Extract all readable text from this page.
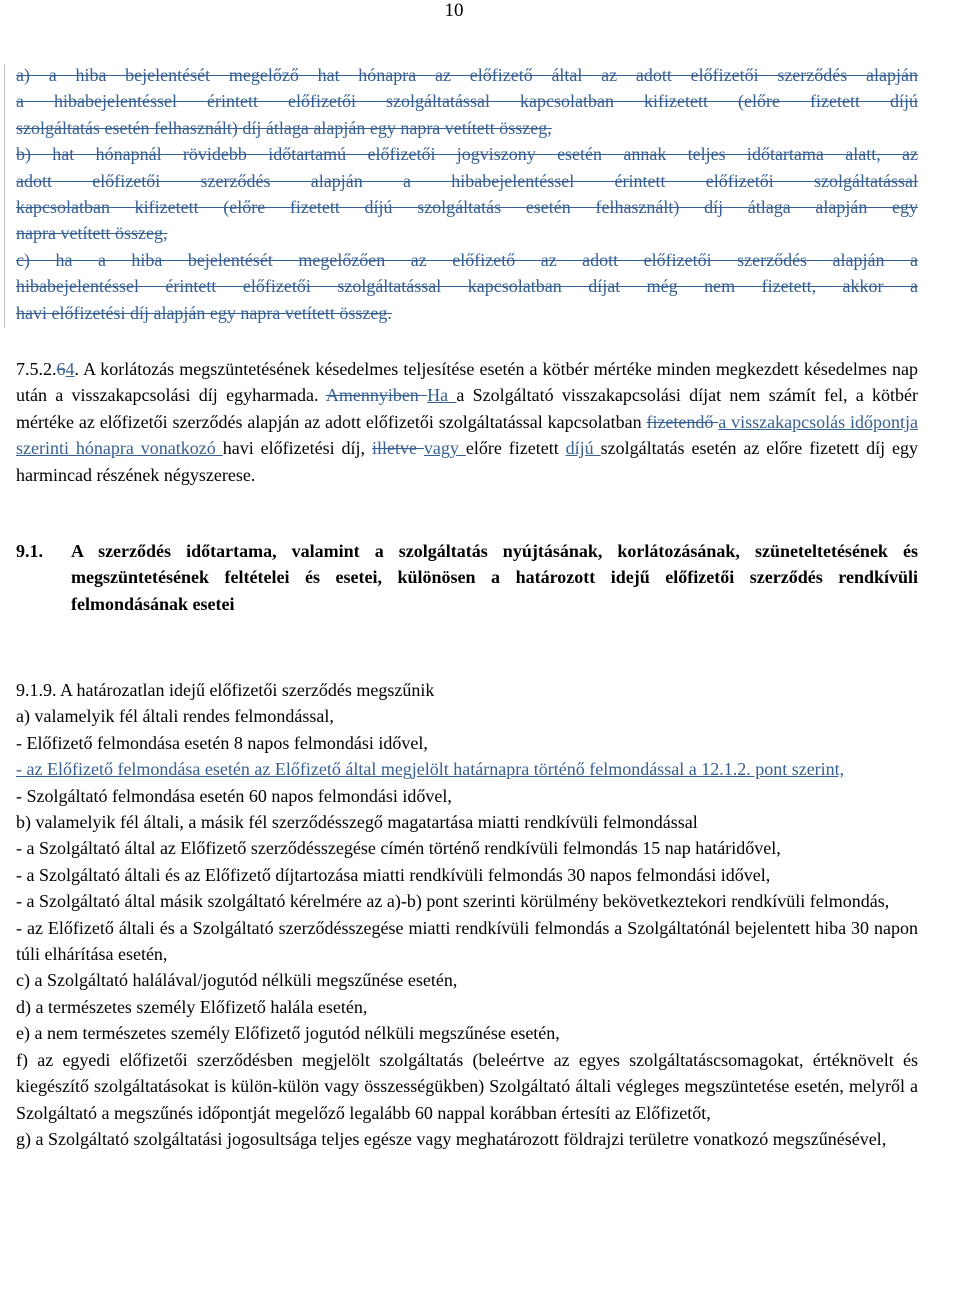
10
a) a hiba bejelentését megelőző hat hónapra az előfizető által az adott előfizetői szerződés alapján
a hibabejelentéssel érintett előfizetői szolgáltatással kapcsolatban kifizetett (előre fizetett díjú
szolgáltatás esetén felhasznált) díj átlaga alapján egy napra vetített összeg,
b) hat hónapnál rövidebb időtartamú előfizetői jogviszony esetén annak teljes időtartama alatt, az
adott előfizetői szerződés alapján a hibabejelentéssel érintett előfizetői szolgáltatással
kapcsolatban kifizetett (előre fizetett díjú szolgáltatás esetén felhasznált) díj átlaga alapján egy
napra vetített összeg,
c) ha a hiba bejelentését megelőzően az előfizető az adott előfizetői szerződés alapján a
hibabejelentéssel érintett előfizetői szolgáltatással kapcsolatban díjat még nem fizetett, akkor a
havi előfizetési díj alapján egy napra vetített összeg.
7.5.2.64. A korlátozás megszüntetésének késedelmes teljesítése esetén a kötbér mértéke minden megkezdett késedelmes nap után a visszakapcsolási díj egyharmada. Amennyiben Ha a Szolgáltató visszakapcsolási díjat nem számít fel, a kötbér mértéke az előfizetői szerződés alapján az adott előfizetői szolgáltatással kapcsolatban fizetendő a visszakapcsolás időpontja szerinti hónapra vonatkozó havi előfizetési díj, illetve vagy előre fizetett díjú szolgáltatás esetén az előre fizetett díj egy harmincad részének négyszerese.
9.1. A szerződés időtartama, valamint a szolgáltatás nyújtásának, korlátozásának, szüneteltetésének és megszüntetésének feltételei és esetei, különösen a határozott idejű előfizetői szerződés rendkívüli felmondásának esetei
9.1.9. A határozatlan idejű előfizetői szerződés megszűnik
a) valamelyik fél általi rendes felmondással,
- Előfizető felmondása esetén 8 napos felmondási idővel,
- az Előfizető felmondása esetén az Előfizető által megjelölt határnapra történő felmondással a 12.1.2. pont szerint,
- Szolgáltató felmondása esetén 60 napos felmondási idővel,
b) valamelyik fél általi, a másik fél szerződésszegő magatartása miatti rendkívüli felmondással
- a Szolgáltató által az Előfizető szerződésszegése címén történő rendkívüli felmondás 15 nap határidővel,
- a Szolgáltató általi és az Előfizető díjtartozása miatti rendkívüli felmondás 30 napos felmondási idővel,
- a Szolgáltató által másik szolgáltató kérelmére az a)-b) pont szerinti körülmény bekövetkeztekori rendkívüli felmondás,
- az Előfizető általi és a Szolgáltató szerződésszegése miatti rendkívüli felmondás a Szolgáltatónál bejelentett hiba 30 napon túli elhárítása esetén,
c) a Szolgáltató halálával/jogutód nélküli megszűnése esetén,
d) a természetes személy Előfizető halála esetén,
e) a nem természetes személy Előfizető jogutód nélküli megszűnése esetén,
f) az egyedi előfizetői szerződésben megjelölt szolgáltatás (beleértve az egyes szolgáltatáscsomagokat, értéknövelt és kiegészítő szolgáltatásokat is külön-külön vagy összességükben) Szolgáltató általi végleges megszüntetése esetén, melyről a Szolgáltató a megszűnés időpontját megelőző legalább 60 nappal korábban értesíti az Előfizetőt,
g) a Szolgáltató szolgáltatási jogosultsága teljes egésze vagy meghatározott földrajzi területre vonatkozó megszűnésével,
